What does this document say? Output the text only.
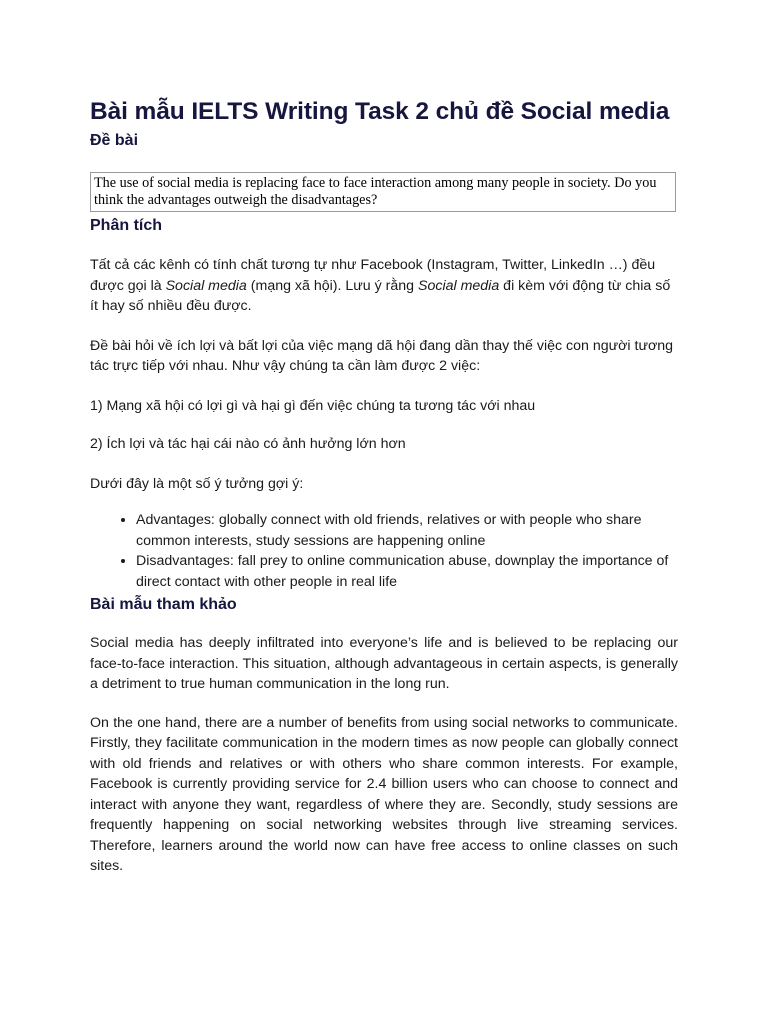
Bài mẫu IELTS Writing Task 2 chủ đề Social media
Đề bài
The use of social media is replacing face to face interaction among many people in society. Do you think the advantages outweigh the disadvantages?
Phân tích

Tất cả các kênh có tính chất tương tự như Facebook (Instagram, Twitter, LinkedIn …) đều được gọi là Social media (mạng xã hội). Lưu ý rằng Social media đi kèm với động từ chia số ít hay số nhiều đều được.

Đề bài hỏi về ích lợi và bất lợi của việc mạng dã hội đang dần thay thế việc con người tương tác trực tiếp với nhau. Như vậy chúng ta cần làm được 2 việc:

1) Mạng xã hội có lợi gì và hại gì đến việc chúng ta tương tác với nhau

2) Ích lợi và tác hại cái nào có ảnh hưởng lớn hơn

Dưới đây là một số ý tưởng gợi ý:

• Advantages: globally connect with old friends, relatives or with people who share common interests, study sessions are happening online
• Disadvantages: fall prey to online communication abuse, downplay the importance of direct contact with other people in real life
Bài mẫu tham khảo

Social media has deeply infiltrated into everyone’s life and is believed to be replacing our face-to-face interaction. This situation, although advantageous in certain aspects, is generally a detriment to true human communication in the long run.

On the one hand, there are a number of benefits from using social networks to communicate. Firstly, they facilitate communication in the modern times as now people can globally connect with old friends and relatives or with others who share common interests. For example, Facebook is currently providing service for 2.4 billion users who can choose to connect and interact with anyone they want, regardless of where they are. Secondly, study sessions are frequently happening on social networking websites through live streaming services. Therefore, learners around the world now can have free access to online classes on such sites.
